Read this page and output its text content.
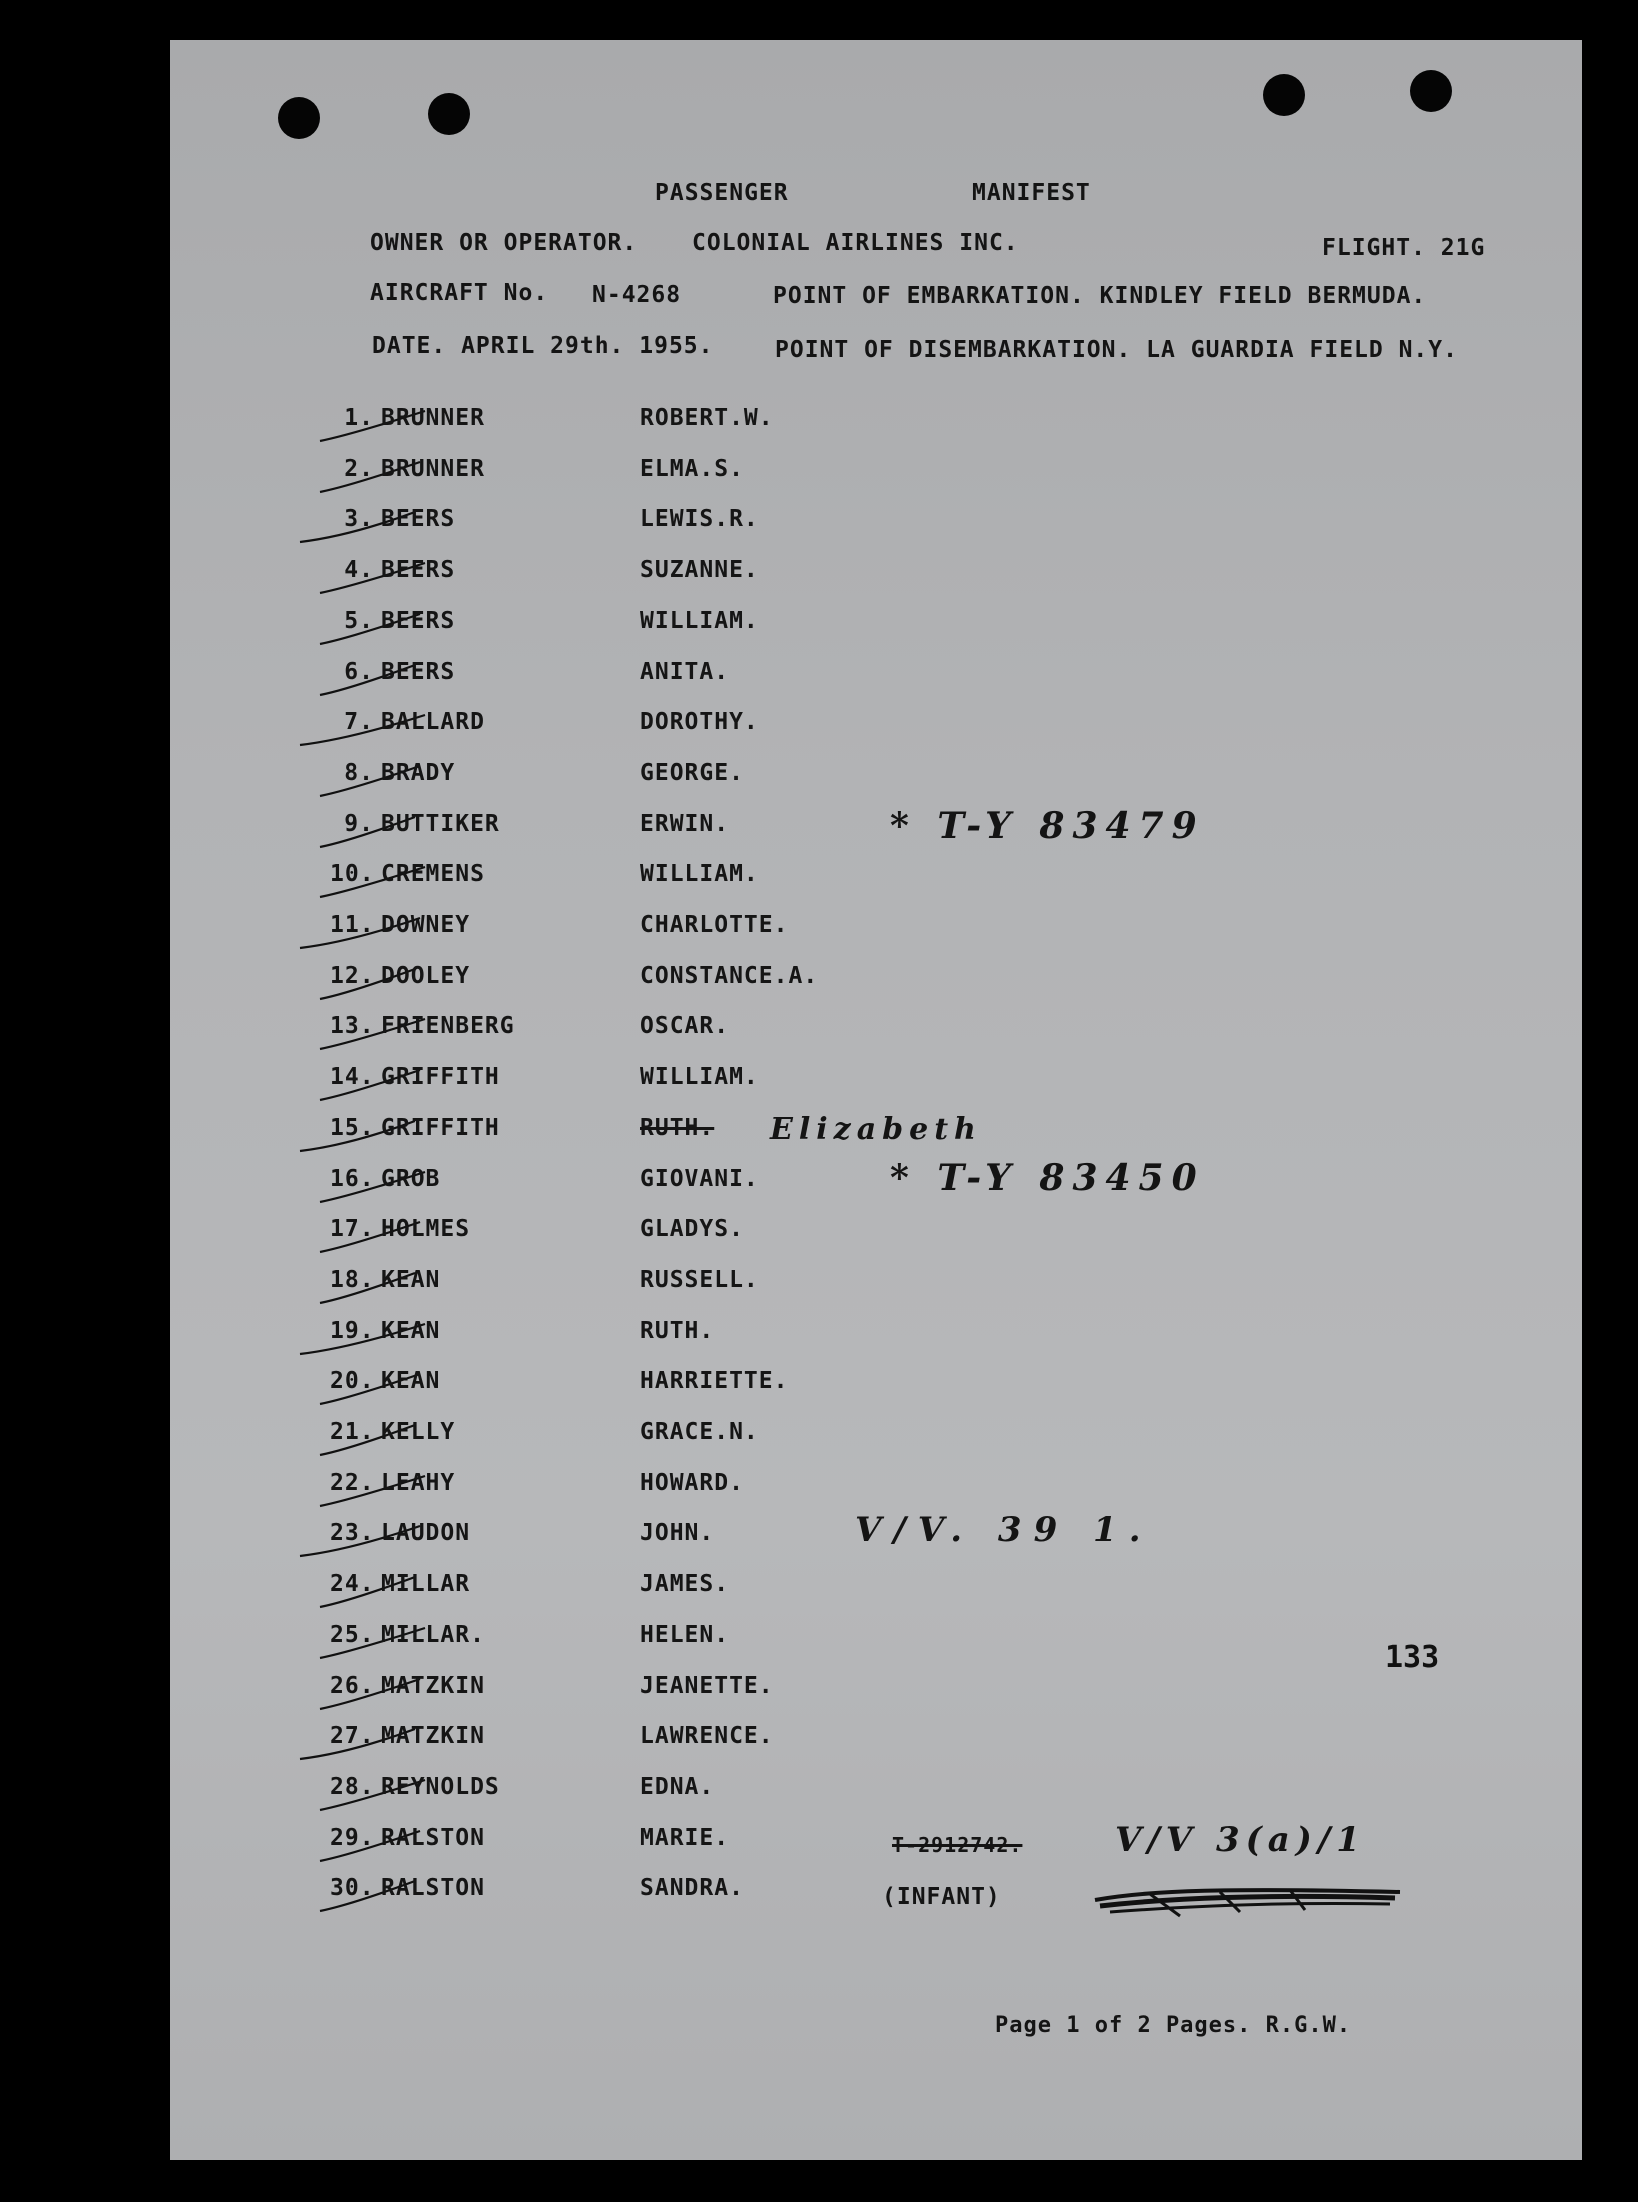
PASSENGER	MANIFEST
OWNER OR OPERATOR. COLONIAL AIRLINES INC.	FLIGHT. 21G
AIRCRAFT No. N-4268	POINT OF EMBARKATION. KINDLEY FIELD BERMUDA.
DATE. APRIL 29th. 1955.	POINT OF DISEMBARKATION. LA GUARDIA FIELD N.Y.
1. BRUNNER	ROBERT.W.
2. BRUNNER	ELMA.S.
3. BEERS	LEWIS.R.
4. BEERS	SUZANNE.
5. BEERS	WILLIAM.
6. BEERS	ANITA.
7. BALLARD	DOROTHY.
8. BRADY	GEORGE.
9. BUTTIKER	ERWIN.
10. CREMENS	WILLIAM.
11. DOWNEY	CHARLOTTE.
12. DOOLEY	CONSTANCE.A.
13. FRIENBERG	OSCAR.
14. GRIFFITH	WILLIAM.
15. GRIFFITH	RUTH.
16. GROB	GIOVANI.
17. HOLMES	GLADYS.
18. KEAN	RUSSELL.
19. KEAN	RUTH.
20. KEAN	HARRIETTE.
21. KELLY	GRACE.N.
22. LEAHY	HOWARD.
23. LAUDON	JOHN.
24. MILLAR	JAMES.
25. MILLAR.	HELEN.
26. MATZKIN	JEANETTE.
27. MATZKIN	LAWRENCE.
28. REYNOLDS	EDNA.
29. RALSTON	MARIE.
30. RALSTON	SANDRA.
* T-Y 83479
Elizabeth
* T-Y 83450
V/V. 39 1.
T-2912742.	V/V 3(a)/1
(INFANT)
133
Page 1 of 2 Pages. R.G.W.
